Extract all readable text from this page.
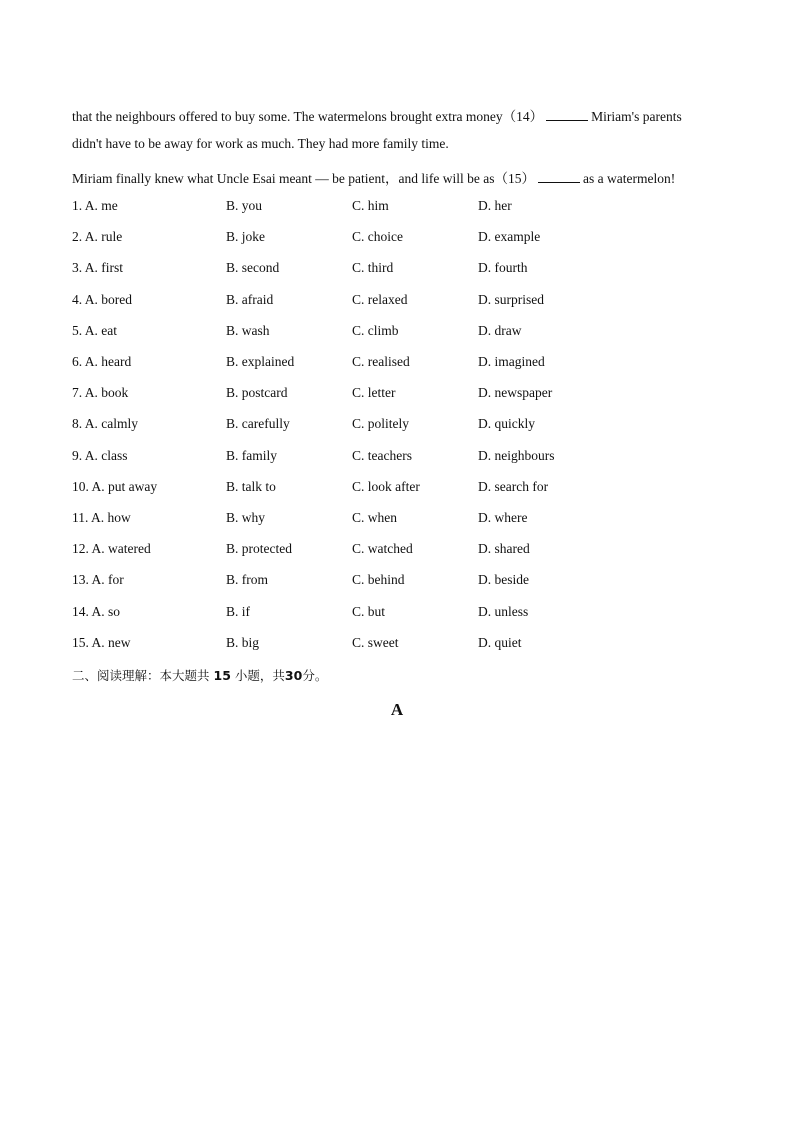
that the neighbours offered to buy some. The watermelons brought extra money（14）	Miriam's parents
didn't have to be away for work as much. They had more family time.
Miriam finally knew what Uncle Esai meant — be patient，and life will be as（15）	as a watermelon!
1. A. me	B. you	C. him	D. her
2. A. rule	B. joke	C. choice	D. example
3. A. first	B. second	C. third	D. fourth
4. A. bored	B. afraid	C. relaxed	D. surprised
5. A. eat	B. wash	C. climb	D. draw
6. A. heard	B. explained	C. realised	D. imagined
7. A. book	B. postcard	C. letter	D. newspaper
8. A. calmly	B. carefully	C. politely	D. quickly
9. A. class	B. family	C. teachers	D. neighbours
10. A. put away	B. talk to	C. look after	D. search for
11. A. how	B. why	C. when	D. where
12. A. watered	B. protected	C. watched	D. shared
13. A. for	B. from	C. behind	D. beside
14. A. so	B. if	C. but	D. unless
15. A. new	B. big	C. sweet	D. quiet
二、阅读理解：本大题共 15 小题，共30分。
A
